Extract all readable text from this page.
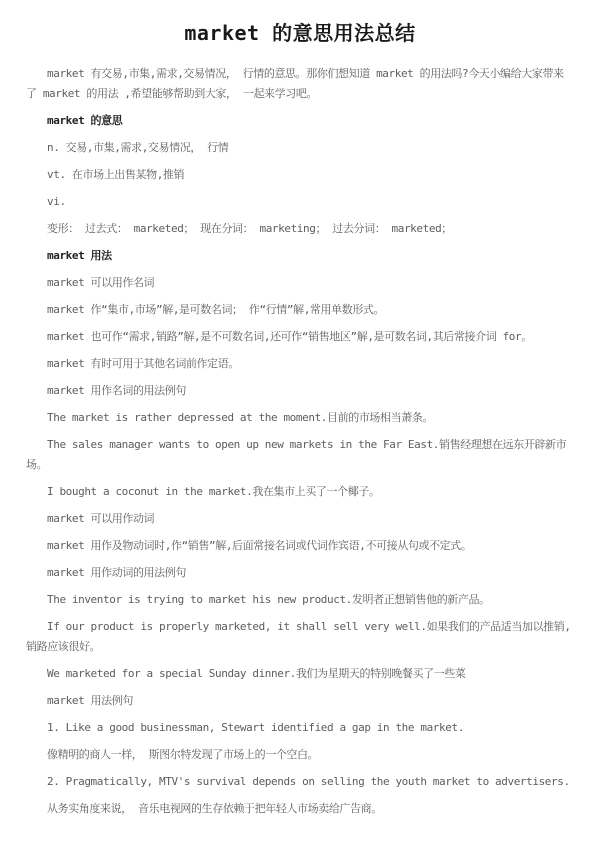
market 的意思用法总结

market 有交易,市集,需求,交易情况， 行情的意思。那你们想知道 market 的用法吗?今天小编给大家带来了 market 的用法 ,希望能够帮助到大家， 一起来学习吧。

market 的意思

n. 交易,市集,需求,交易情况， 行情

vt. 在市场上出售某物,推销

vi.

变形： 过去式： marketed； 现在分词： marketing； 过去分词： marketed；

market 用法

market 可以用作名词

market 作“集市,市场”解,是可数名词； 作“行情”解,常用单数形式。

market 也可作“需求,销路”解,是不可数名词,还可作“销售地区”解,是可数名词,其后常接介词 for。

market 有时可用于其他名词前作定语。

market 用作名词的用法例句

The market is rather depressed at the moment.目前的市场相当萧条。

The sales manager wants to open up new markets in the Far East.销售经理想在远东开辟新市场。

I bought a coconut in the market.我在集市上买了一个椰子。

market 可以用作动词

market 用作及物动词时,作“销售”解,后面常接名词或代词作宾语,不可接从句或不定式。

market 用作动词的用法例句

The inventor is trying to market his new product.发明者正想销售他的新产品。

If our product is properly marketed, it shall sell very well.如果我们的产品适当加以推销,销路应该很好。

We marketed for a special Sunday dinner.我们为星期天的特别晚餐买了一些菜

market 用法例句

1. Like a good businessman, Stewart identified a gap in the market.

像精明的商人一样， 斯图尔特发现了市场上的一个空白。

2. Pragmatically, MTV's survival depends on selling the youth market to advertisers.

从务实角度来说， 音乐电视网的生存依赖于把年轻人市场卖给广告商。
